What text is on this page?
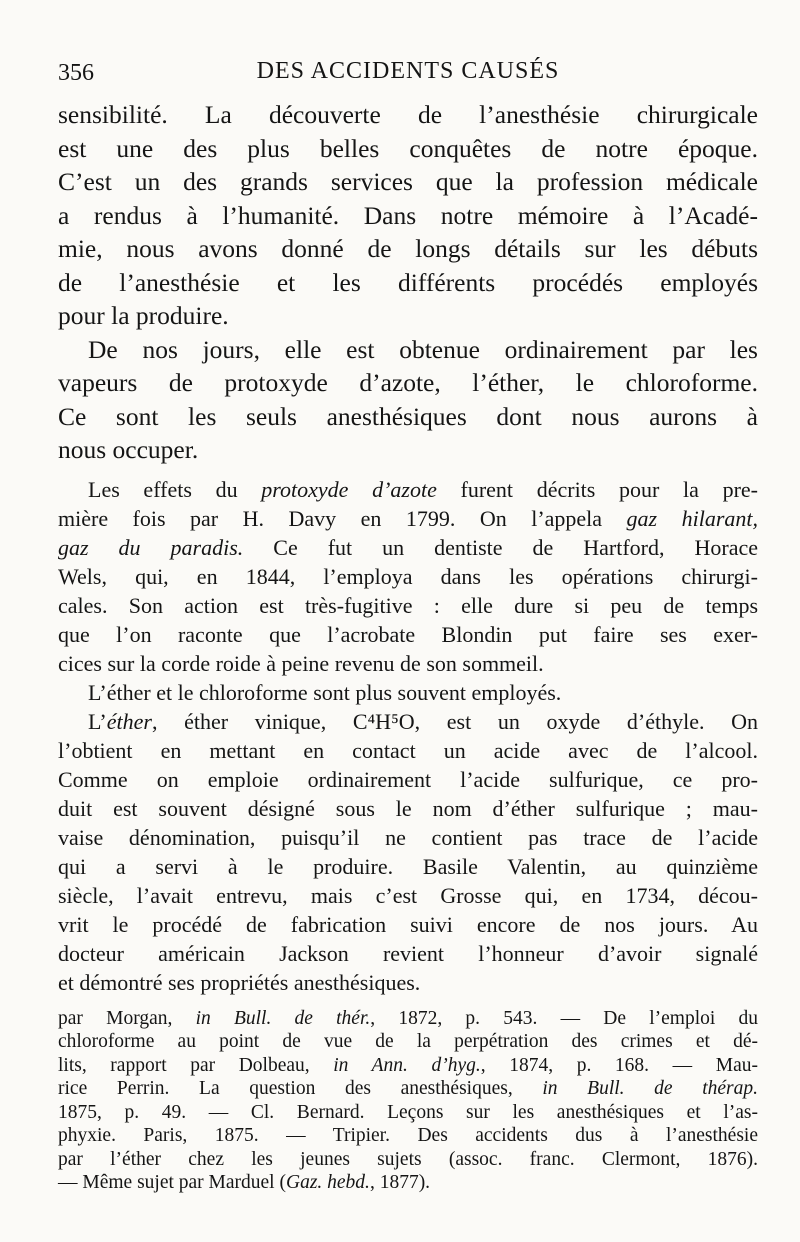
356	DES ACCIDENTS CAUSÉS
sensibilité. La découverte de l’anesthésie chirurgicale
est une des plus belles conquêtes de notre époque.
C’est un des grands services que la profession médicale
a rendus à l’humanité. Dans notre mémoire à l’Acadé-
mie, nous avons donné de longs détails sur les débuts
de l’anesthésie et les différents procédés employés
pour la produire.
De nos jours, elle est obtenue ordinairement par les
vapeurs de protoxyde d’azote, l’éther, le chloroforme.
Ce sont les seuls anesthésiques dont nous aurons à
nous occuper.
Les effets du protoxyde d’azote furent décrits pour la pre-
mière fois par H. Davy en 1799. On l’appela gaz hilarant,
gaz du paradis. Ce fut un dentiste de Hartford, Horace
Wels, qui, en 1844, l’employa dans les opérations chirurgi-
cales. Son action est très-fugitive : elle dure si peu de temps
que l’on raconte que l’acrobate Blondin put faire ses exer-
cices sur la corde roide à peine revenu de son sommeil.
L’éther et le chloroforme sont plus souvent employés.
L’éther, éther vinique, C⁴H⁵O, est un oxyde d’éthyle. On
l’obtient en mettant en contact un acide avec de l’alcool.
Comme on emploie ordinairement l’acide sulfurique, ce pro-
duit est souvent désigné sous le nom d’éther sulfurique ; mau-
vaise dénomination, puisqu’il ne contient pas trace de l’acide
qui a servi à le produire. Basile Valentin, au quinzième
siècle, l’avait entrevu, mais c’est Grosse qui, en 1734, décou-
vrit le procédé de fabrication suivi encore de nos jours. Au
docteur américain Jackson revient l’honneur d’avoir signalé
et démontré ses propriétés anesthésiques.
par Morgan, in Bull. de thér., 1872, p. 543. — De l’emploi du
chloroforme au point de vue de la perpétration des crimes et dé-
lits, rapport par Dolbeau, in Ann. d’hyg., 1874, p. 168. — Mau-
rice Perrin. La question des anesthésiques, in Bull. de thérap.
1875, p. 49. — Cl. Bernard. Leçons sur les anesthésiques et l’as-
phyxie. Paris, 1875. — Tripier. Des accidents dus à l’anesthésie
par l’éther chez les jeunes sujets (assoc. franc. Clermont, 1876).
— Même sujet par Marduel (Gaz. hebd., 1877).
